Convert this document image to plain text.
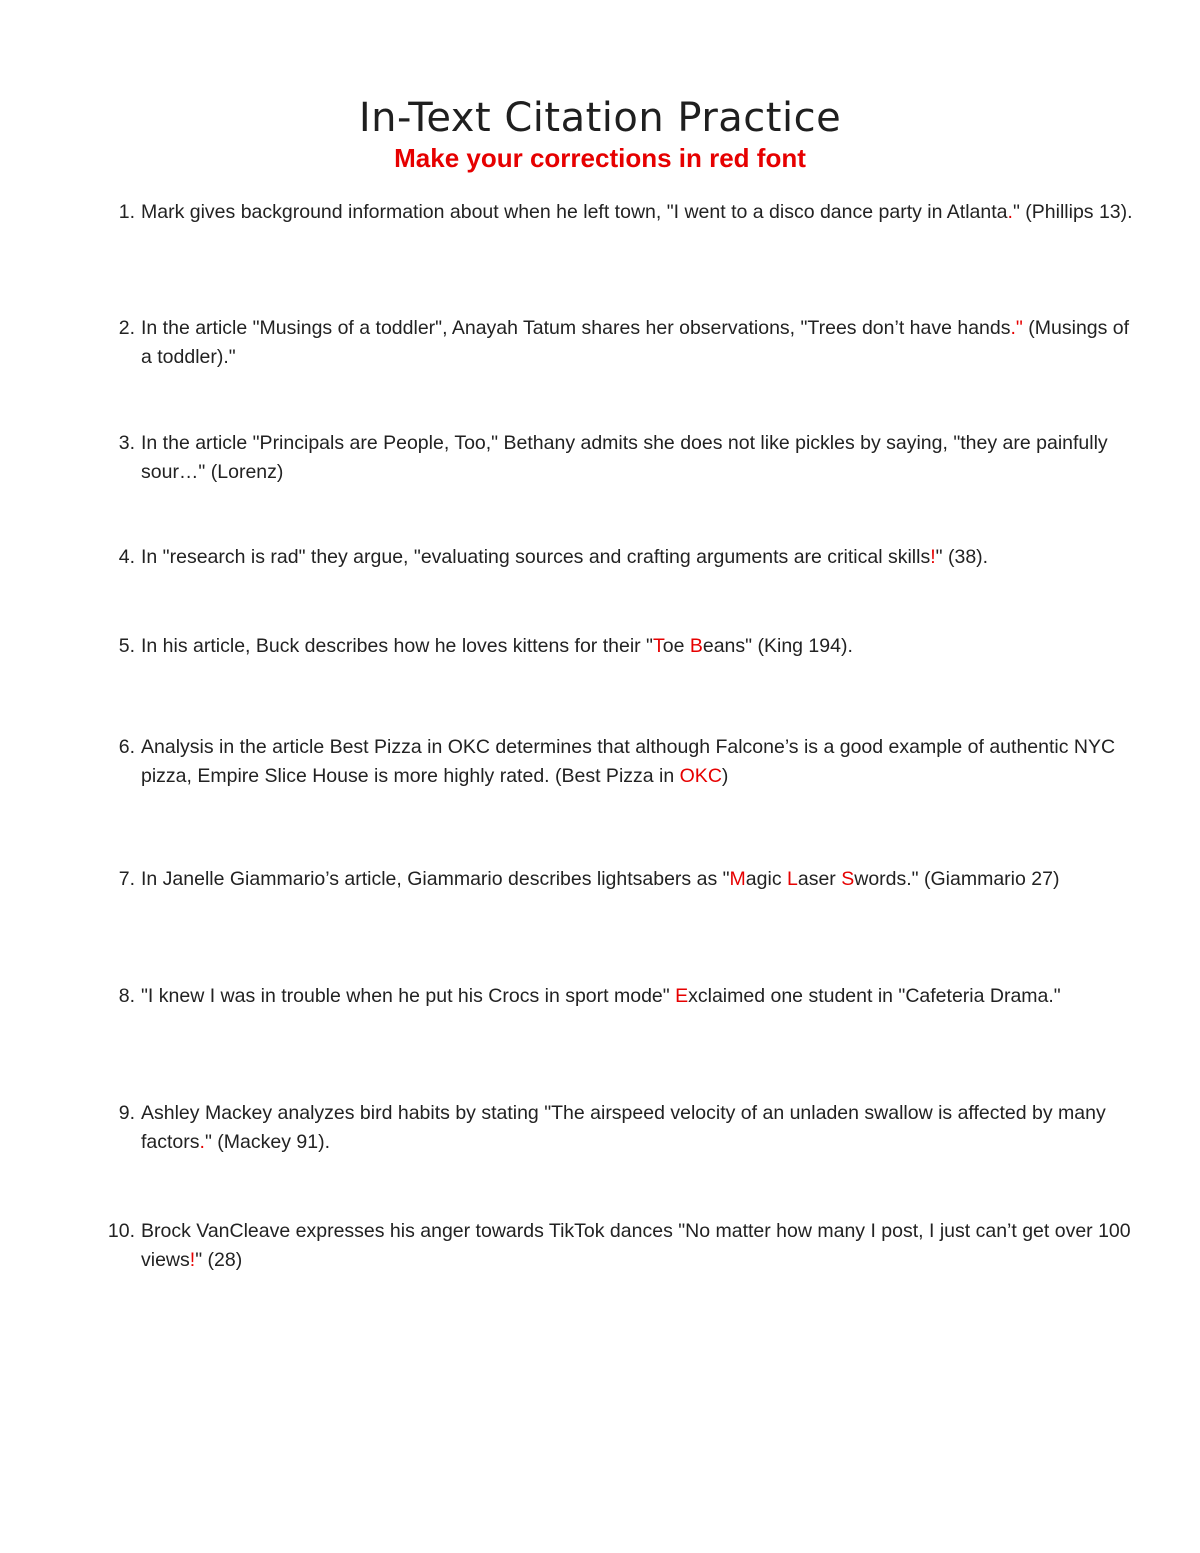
In-Text Citation Practice
Make your corrections in red font
1. Mark gives background information about when he left town, "I went to a disco dance party in Atlanta." (Phillips 13).
2. In the article "Musings of a toddler", Anayah Tatum shares her observations, "Trees don’t have hands." (Musings of a toddler)."
3. In the article "Principals are People, Too," Bethany admits she does not like pickles by saying, "they are painfully sour…" (Lorenz)
4. In "research is rad" they argue, "evaluating sources and crafting arguments are critical skills!" (38).
5. In his article, Buck describes how he loves kittens for their "Toe Beans" (King 194).
6. Analysis in the article Best Pizza in OKC determines that although Falcone’s is a good example of authentic NYC pizza, Empire Slice House is more highly rated. (Best Pizza in OKC)
7. In Janelle Giammario’s article, Giammario describes lightsabers as "Magic Laser Swords." (Giammario 27)
8. "I knew I was in trouble when he put his Crocs in sport mode" Exclaimed one student in "Cafeteria Drama."
9. Ashley Mackey analyzes bird habits by stating "The airspeed velocity of an unladen swallow is affected by many factors." (Mackey 91).
10. Brock VanCleave expresses his anger towards TikTok dances "No matter how many I post, I just can’t get over 100 views!" (28)
